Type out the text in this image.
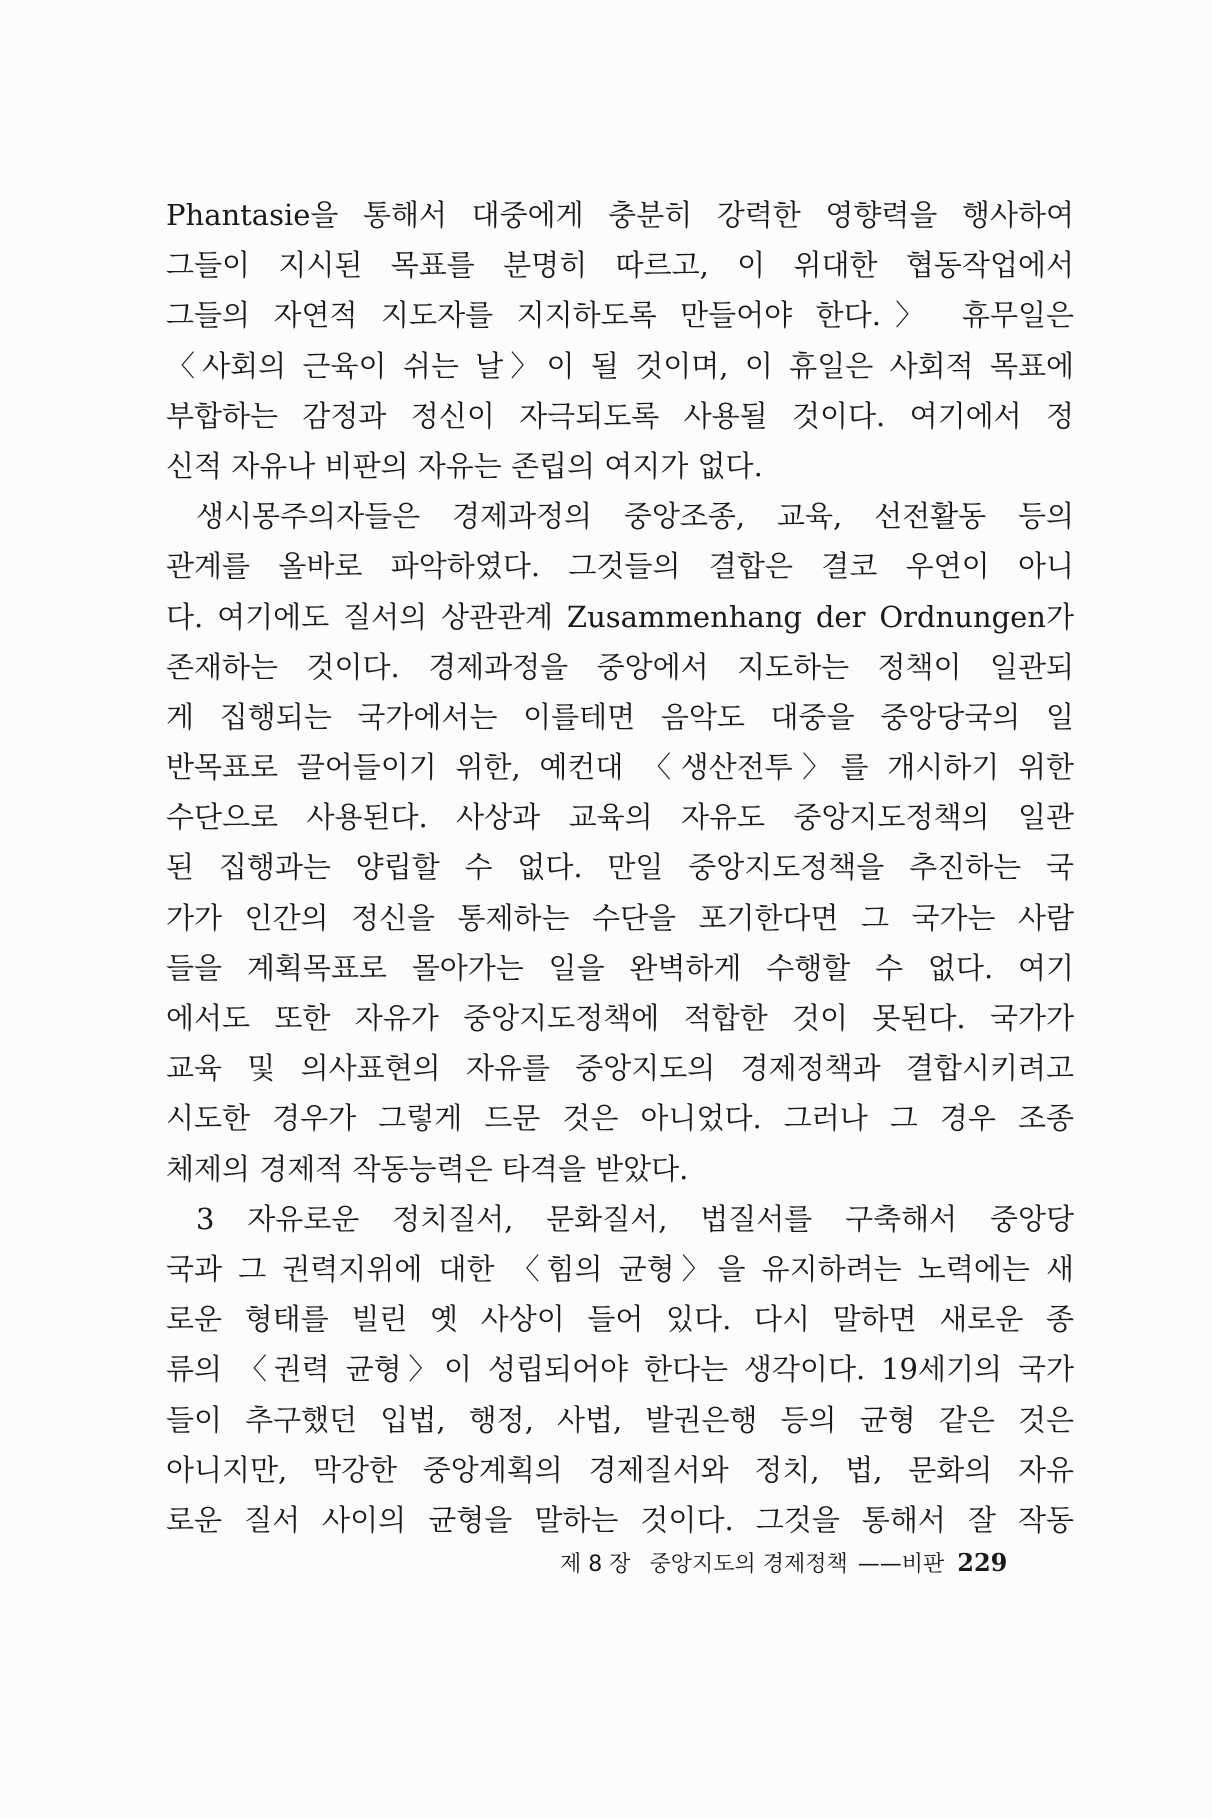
Phantasie을 통해서 대중에게 충분히 강력한 영향력을 행사하여
그들이 지시된 목표를 분명히 따르고, 이 위대한 협동작업에서
그들의 자연적 지도자를 지지하도록 만들어야 한다.〉 휴무일은
〈사회의 근육이 쉬는 날〉이 될 것이며, 이 휴일은 사회적 목표에
부합하는 감정과 정신이 자극되도록 사용될 것이다. 여기에서 정
신적 자유나 비판의 자유는 존립의 여지가 없다.
생시몽주의자들은 경제과정의 중앙조종, 교육, 선전활동 등의
관계를 올바로 파악하였다. 그것들의 결합은 결코 우연이 아니
다. 여기에도 질서의 상관관계 Zusammenhang der Ordnungen가
존재하는 것이다. 경제과정을 중앙에서 지도하는 정책이 일관되
게 집행되는 국가에서는 이를테면 음악도 대중을 중앙당국의 일
반목표로 끌어들이기 위한, 예컨대 〈생산전투〉를 개시하기 위한
수단으로 사용된다. 사상과 교육의 자유도 중앙지도정책의 일관
된 집행과는 양립할 수 없다. 만일 중앙지도정책을 추진하는 국
가가 인간의 정신을 통제하는 수단을 포기한다면 그 국가는 사람
들을 계획목표로 몰아가는 일을 완벽하게 수행할 수 없다. 여기
에서도 또한 자유가 중앙지도정책에 적합한 것이 못된다. 국가가
교육 및 의사표현의 자유를 중앙지도의 경제정책과 결합시키려고
시도한 경우가 그렇게 드문 것은 아니었다. 그러나 그 경우 조종
체제의 경제적 작동능력은 타격을 받았다.
3 자유로운 정치질서, 문화질서, 법질서를 구축해서 중앙당
국과 그 권력지위에 대한 〈힘의 균형〉을 유지하려는 노력에는 새
로운 형태를 빌린 옛 사상이 들어 있다. 다시 말하면 새로운 종
류의 〈권력 균형〉이 성립되어야 한다는 생각이다. 19세기의 국가
들이 추구했던 입법, 행정, 사법, 발권은행 등의 균형 같은 것은
아니지만, 막강한 중앙계획의 경제질서와 정치, 법, 문화의 자유
로운 질서 사이의 균형을 말하는 것이다. 그것을 통해서 잘 작동
제 8 장 중앙지도의 경제정책 ——비판 229
